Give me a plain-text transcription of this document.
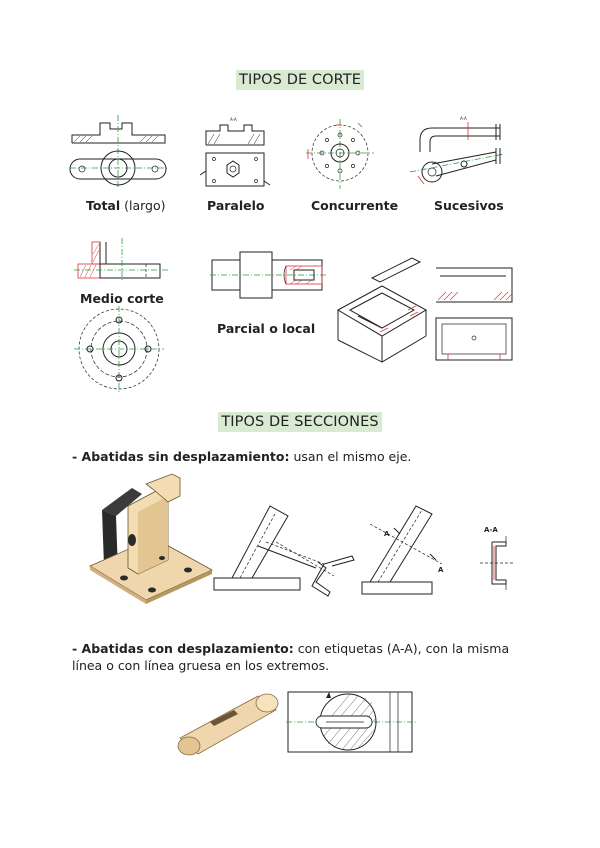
TIPOS DE CORTE
TIPOS DE SECCIONES
Total (largo)
A-A
Paralelo	Concurrente
A-A
Sucesivos
Medio corte
Parcial o local
- Abatidas sin desplazamiento: usan el mismo eje.
A
A
A-A
- Abatidas con desplazamiento: con etiquetas (A-A), con la misma línea o con línea gruesa en los extremos.
